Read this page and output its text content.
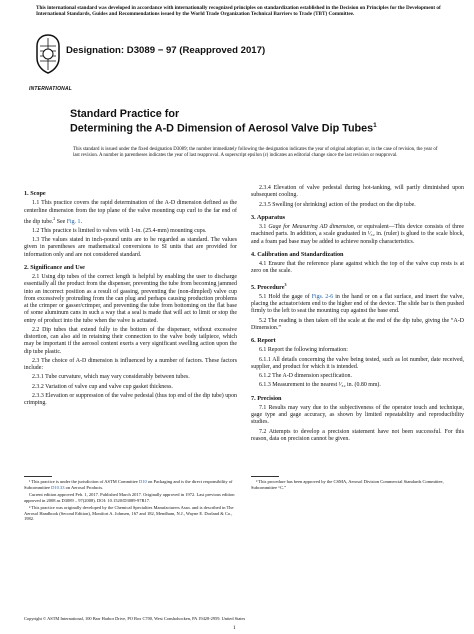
This international standard was developed in accordance with internationally recognized principles on standardization established in the Decision on Principles for the Development of International Standards, Guides and Recommendations issued by the World Trade Organization Technical Barriers to Trade (TBT) Committee.
INTERNATIONAL
Designation: D3089 − 97 (Reapproved 2017)
Standard Practice for
Determining the A-D Dimension of Aerosol Valve Dip Tubes$^1$
This standard is issued under the fixed designation D3089; the number immediately following the designation indicates the year of original adoption or, in the case of revision, the year of last revision. A number in parentheses indicates the year of last reapproval. A superscript epsilon (ε) indicates an editorial change since the last revision or reapproval.
1. Scope

1.1 This practice covers the rapid determination of the A-D dimension defined as the centerline dimension from the top plane of the valve mounting cup curl to the far end of the dip tube.$^2$ See Fig. 1.

1.2 This practice is limited to valves with 1-in. (25.4-mm) mounting cups.

1.3 The values stated in inch-pound units are to be regarded as standard. The values given in parentheses are mathematical conversions to SI units that are provided for information only and are not considered standard.

2. Significance and Use

2.1 Using dip tubes of the correct length is helpful by enabling the user to discharge essentially all the product from the dispenser, preventing the tube from becoming jammed into an incorrect position as a result of gassing, preventing the (non-dimpled) valve cup from excessively protruding from the can plug and perhaps causing production problems at the crimper or gasser/crimper, and preventing the tube from bottoming on the flat base of some aluminum cans in such a way that a seal is made that will act to limit or stop the entry of product into the tube when the valve is actuated.

2.2 Dip tubes that extend fully to the bottom of the dispenser, without excessive distortion, can also aid in retaining their connection to the valve body tailpiece, which may be important if the aerosol content exerts a very significant swelling action upon the dip tube plastic.

2.3 The choice of A-D dimension is influenced by a number of factors. These factors include:

2.3.1 Tube curvature, which may vary considerably between tubes.

2.3.2 Variation of valve cup and valve cup gasket thickness.

2.3.3 Elevation or suppression of the valve pedestal (thus top end of the dip tube) upon crimping.

2.3.4 Elevation of valve pedestal during hot-tanking, will partly diminished upon subsequent cooling.

2.3.5 Swelling (or shrinking) action of the product on the dip tube.

3. Apparatus

3.1 Gage for Measuring AD dimension, or equivalent—This device consists of three machined parts. In addition, a scale graduated in ¹⁄₃₂ in. (ruler) is glued to the scale block, and a foam pad base may be added to achieve nonslip characteristics.

4. Calibration and Standardization

4.1 Ensure that the reference plane against which the top of the valve cup rests is at zero on the scale.

5. Procedure$^3$

5.1 Hold the gage of Figs. 2-6 in the hand or on a flat surface, and insert the valve, placing the actuator/stem end to the higher end of the device. The slide bar is then pushed firmly to the left to seat the mounting cup against the base end.

5.2 The reading is then taken off the scale at the end of the dip tube, giving the “A-D Dimension.”

6. Report

6.1 Report the following information:

6.1.1 All details concerning the valve being tested, such as lot number, date received, supplier, and product for which it is intended.

6.1.2 The A-D dimension specification.

6.1.3 Measurement to the nearest ¹⁄₃₂ in. (0.80 mm).

7. Precision

7.1 Results may vary due to the subjectiveness of the operator touch and technique, gage type and gage accuracy, as shown by limited repeatability and reproducibility studies.

7.2 Attempts to develop a precision statement have not been successful. For this reason, data on precision cannot be given.

¹ This practice is under the jurisdiction of ASTM Committee D10 on Packaging and is the direct responsibility of Subcommittee D10.33 on Aerosol Products.

Current edition approved Feb. 1, 2017. Published March 2017. Originally approved in 1972. Last previous edition approved in 2008 as D3089 – 97(2008). DOI: 10.1520/D3089-97R17.

² This practice was originally developed by the Chemical Specialties Manufacturers Assn. and is described in The Aerosol Handbook (Second Edition), Montfort A. Johnsen, 167 and 182, Mendham, N.J., Wayne E. Dorland & Co., 1982.

³ This procedure has been approved by the CSMA, Aerosol Division Commercial Standards Committee, Subcommittee “C.”

Copyright © ASTM International, 100 Barr Harbor Drive, PO Box C700, West Conshohocken, PA 19428-2959. United States
1
